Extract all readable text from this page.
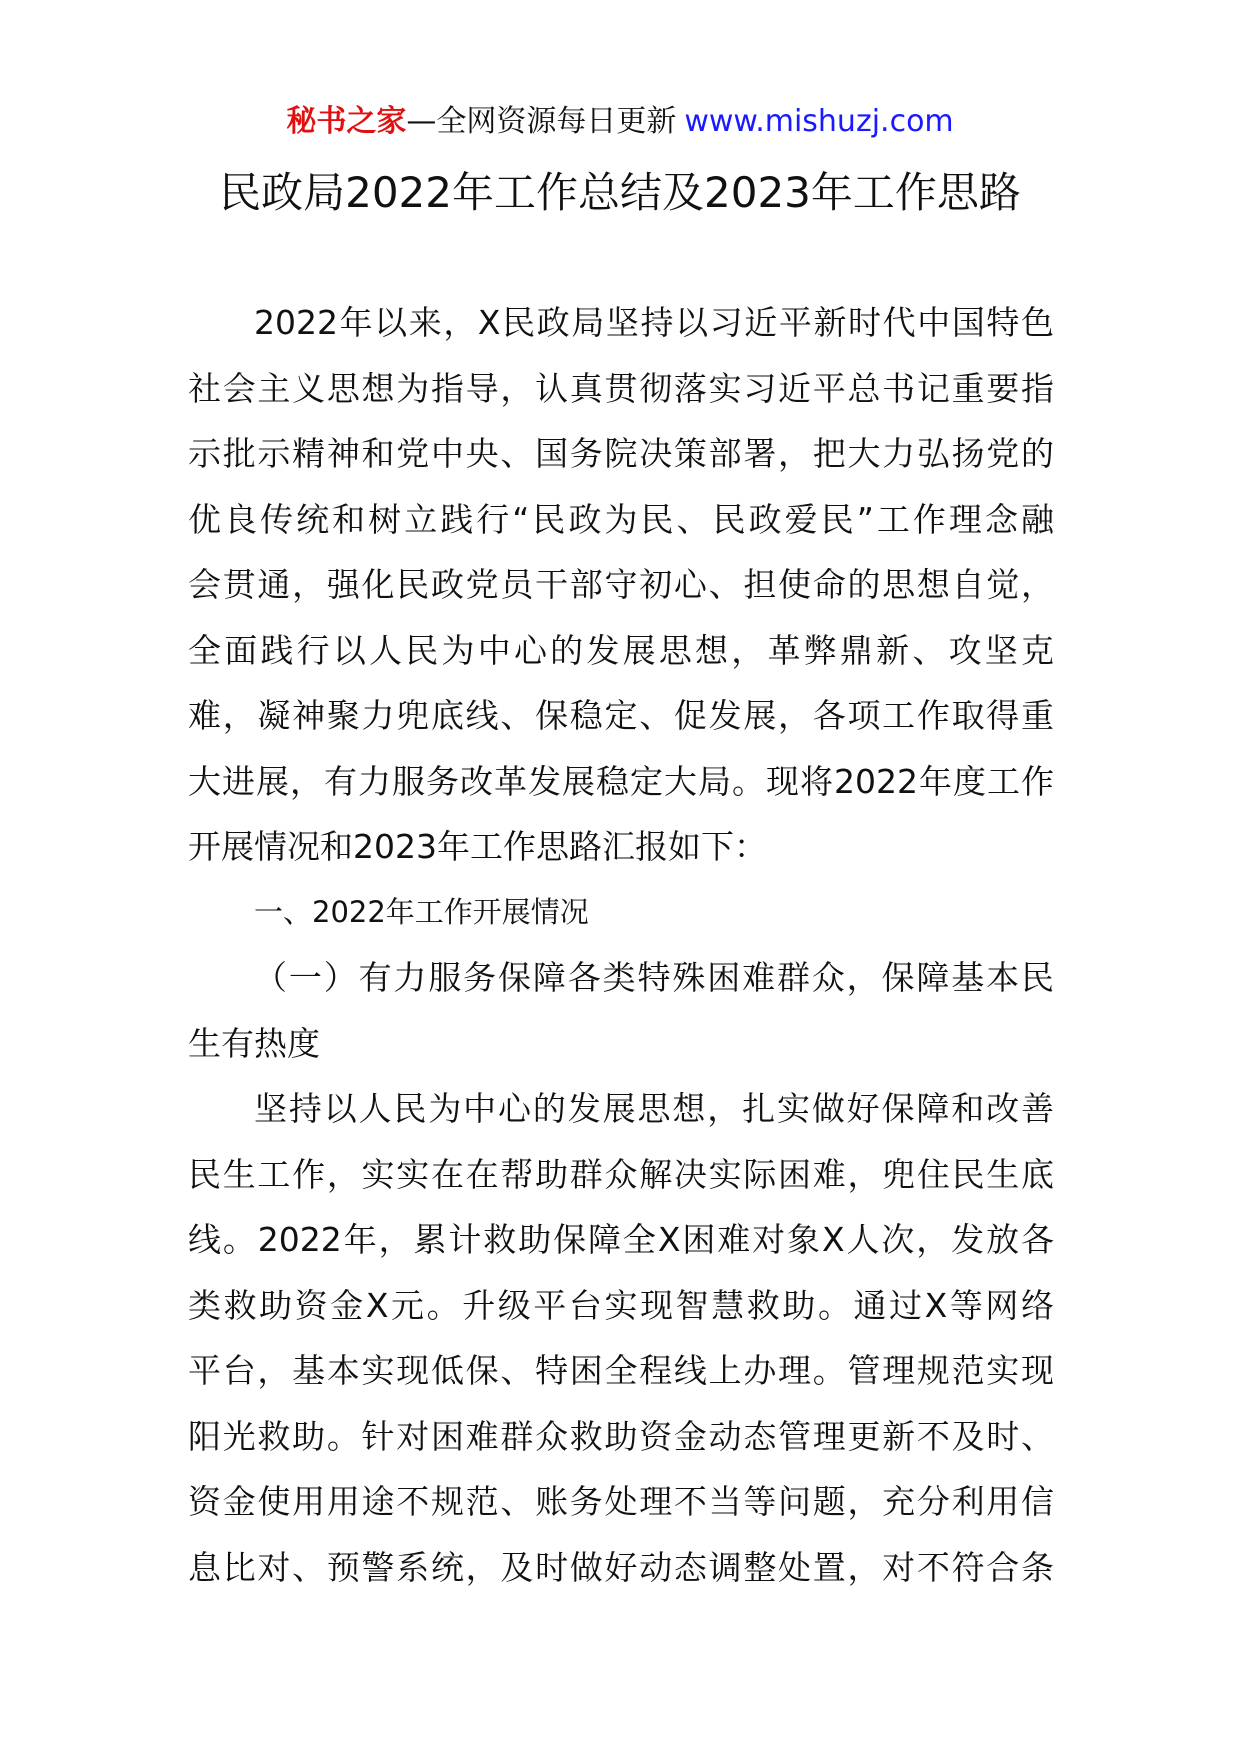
秘书之家—全网资源每日更新 www.mishuzj.com
民政局2022年工作总结及2023年工作思路
2022年以来，X民政局坚持以习近平新时代中国特色
社会主义思想为指导，认真贯彻落实习近平总书记重要指
示批示精神和党中央、国务院决策部署，把大力弘扬党的
优良传统和树立践行“民政为民、民政爱民”工作理念融
会贯通，强化民政党员干部守初心、担使命的思想自觉，
全面践行以人民为中心的发展思想，革弊鼎新、攻坚克
难，凝神聚力兜底线、保稳定、促发展，各项工作取得重
大进展，有力服务改革发展稳定大局。现将2022年度工作
开展情况和2023年工作思路汇报如下：
一、2022年工作开展情况
（一）有力服务保障各类特殊困难群众，保障基本民
生有热度
坚持以人民为中心的发展思想，扎实做好保障和改善
民生工作，实实在在帮助群众解决实际困难，兜住民生底
线。2022年，累计救助保障全X困难对象X人次，发放各
类救助资金X元。升级平台实现智慧救助。通过X等网络
平台，基本实现低保、特困全程线上办理。管理规范实现
阳光救助。针对困难群众救助资金动态管理更新不及时、
资金使用用途不规范、账务处理不当等问题，充分利用信
息比对、预警系统，及时做好动态调整处置，对不符合条
